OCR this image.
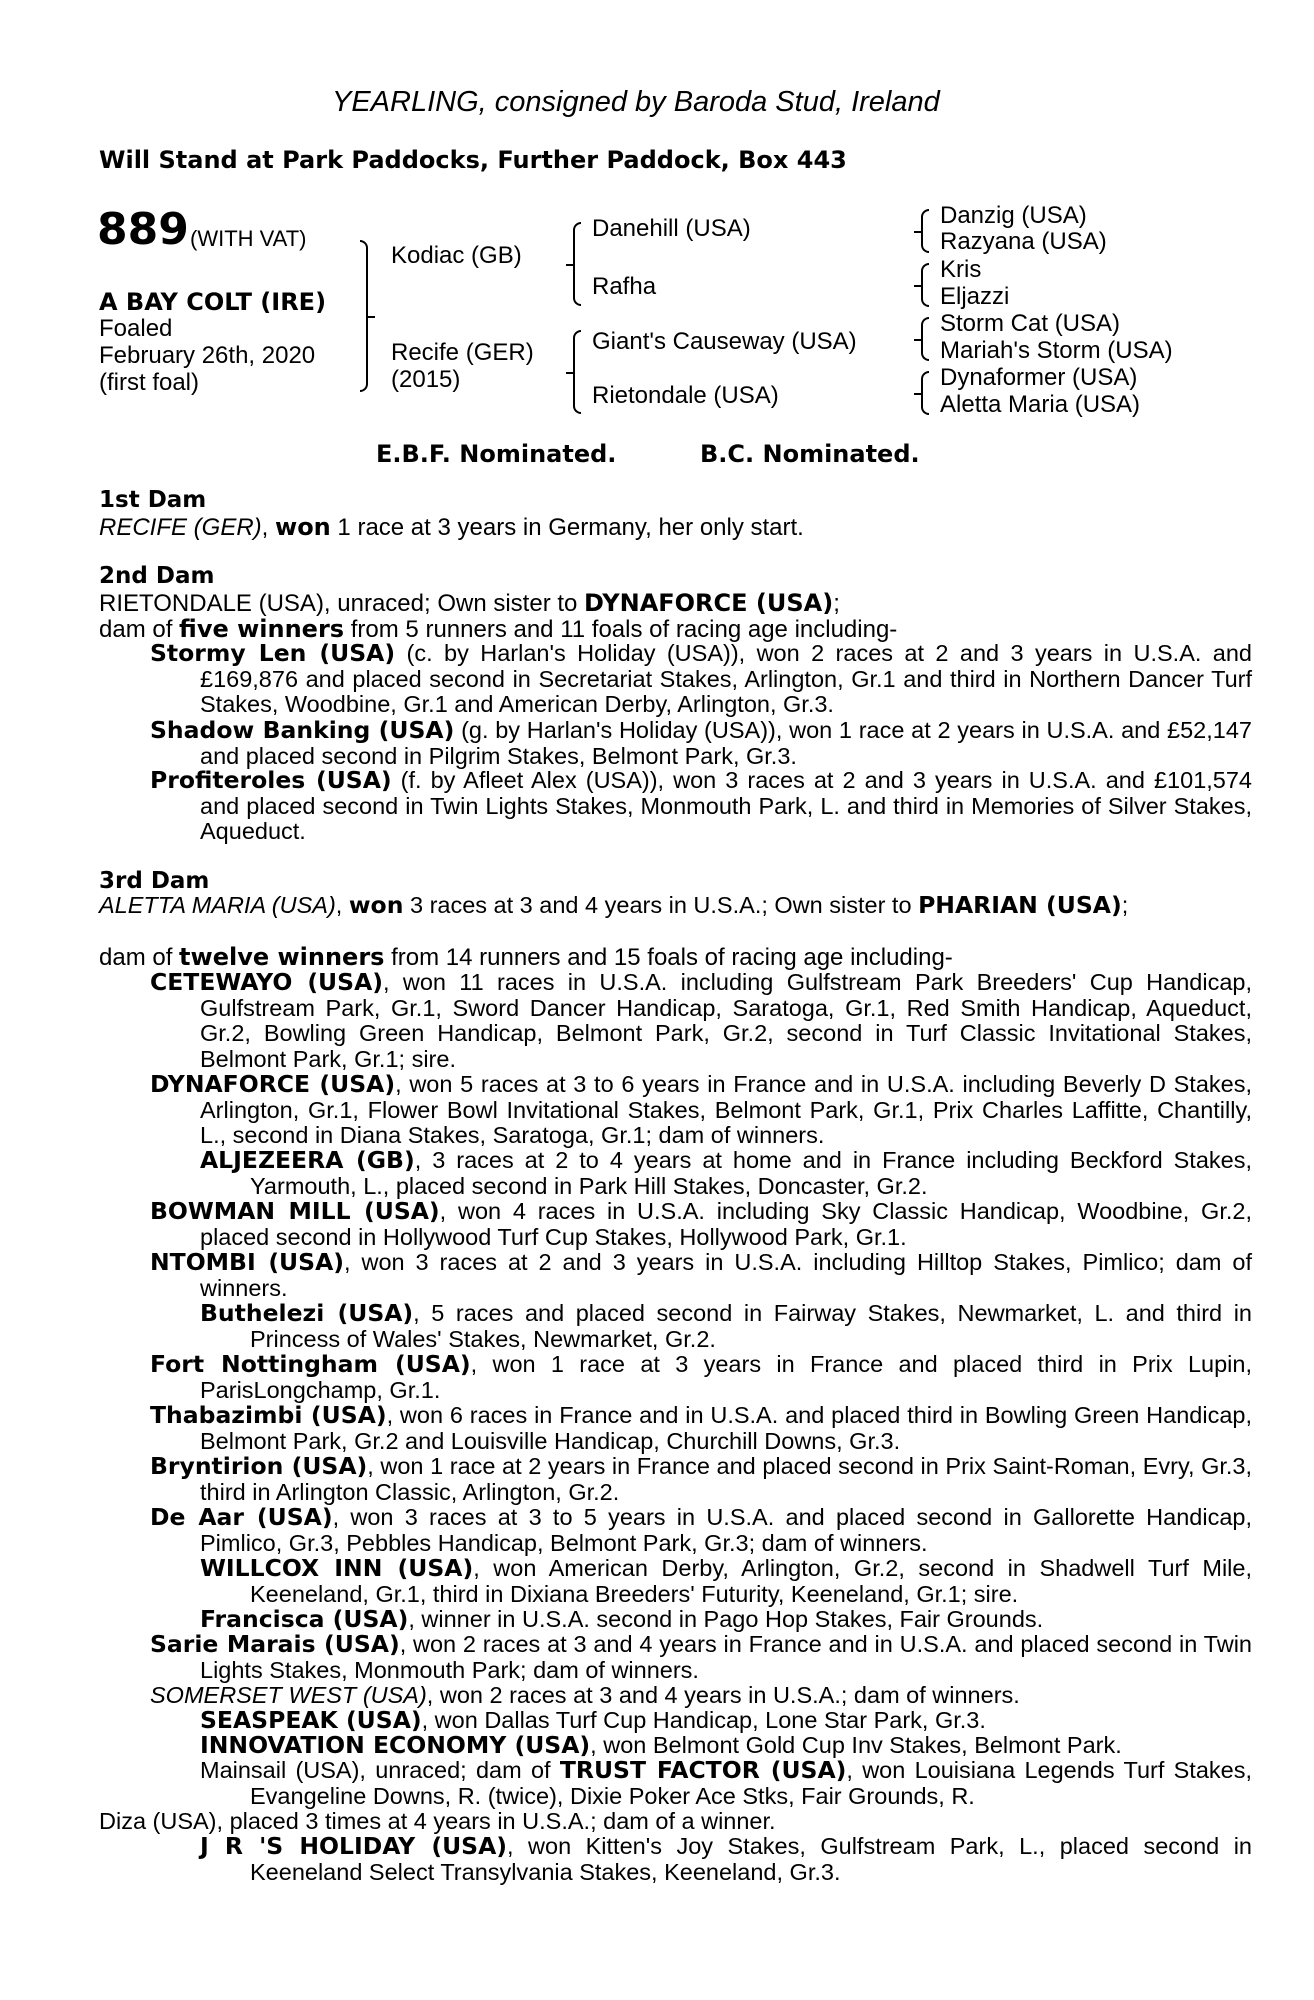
YEARLING, consigned by Baroda Stud, Ireland
Will Stand at Park Paddocks, Further Paddock, Box 443
889 (WITH VAT)
A BAY COLT (IRE)
Foaled
February 26th, 2020
(first foal)
Kodiac (GB)
Recife (GER)
(2015)
Danehill (USA)
Rafha
Giant's Causeway (USA)
Rietondale (USA)
Danzig (USA)
Razyana (USA)
Kris
Eljazzi
Storm Cat (USA)
Mariah's Storm (USA)
Dynaformer (USA)
Aletta Maria (USA)
E.B.F. Nominated.	B.C. Nominated.
1st Dam
RECIFE (GER), won 1 race at 3 years in Germany, her only start.
2nd Dam
RIETONDALE (USA), unraced; Own sister to DYNAFORCE (USA);
dam of five winners from 5 runners and 11 foals of racing age including-
Stormy Len (USA) (c. by Harlan's Holiday (USA)), won 2 races at 2 and 3 years in U.S.A. and £169,876 and placed second in Secretariat Stakes, Arlington, Gr.1 and third in Northern Dancer Turf Stakes, Woodbine, Gr.1 and American Derby, Arlington, Gr.3.
Shadow Banking (USA) (g. by Harlan's Holiday (USA)), won 1 race at 2 years in U.S.A. and £52,147 and placed second in Pilgrim Stakes, Belmont Park, Gr.3.
Profiteroles (USA) (f. by Afleet Alex (USA)), won 3 races at 2 and 3 years in U.S.A. and £101,574 and placed second in Twin Lights Stakes, Monmouth Park, L. and third in Memories of Silver Stakes, Aqueduct.
3rd Dam
ALETTA MARIA (USA), won 3 races at 3 and 4 years in U.S.A.; Own sister to PHARIAN (USA);
dam of twelve winners from 14 runners and 15 foals of racing age including-
CETEWAYO (USA), won 11 races in U.S.A. including Gulfstream Park Breeders' Cup Handicap, Gulfstream Park, Gr.1, Sword Dancer Handicap, Saratoga, Gr.1, Red Smith Handicap, Aqueduct, Gr.2, Bowling Green Handicap, Belmont Park, Gr.2, second in Turf Classic Invitational Stakes, Belmont Park, Gr.1; sire.
DYNAFORCE (USA), won 5 races at 3 to 6 years in France and in U.S.A. including Beverly D Stakes, Arlington, Gr.1, Flower Bowl Invitational Stakes, Belmont Park, Gr.1, Prix Charles Laffitte, Chantilly, L., second in Diana Stakes, Saratoga, Gr.1; dam of winners.
ALJEZEERA (GB), 3 races at 2 to 4 years at home and in France including Beckford Stakes, Yarmouth, L., placed second in Park Hill Stakes, Doncaster, Gr.2.
BOWMAN MILL (USA), won 4 races in U.S.A. including Sky Classic Handicap, Woodbine, Gr.2, placed second in Hollywood Turf Cup Stakes, Hollywood Park, Gr.1.
NTOMBI (USA), won 3 races at 2 and 3 years in U.S.A. including Hilltop Stakes, Pimlico; dam of winners.
Buthelezi (USA), 5 races and placed second in Fairway Stakes, Newmarket, L. and third in Princess of Wales' Stakes, Newmarket, Gr.2.
Fort Nottingham (USA), won 1 race at 3 years in France and placed third in Prix Lupin, ParisLongchamp, Gr.1.
Thabazimbi (USA), won 6 races in France and in U.S.A. and placed third in Bowling Green Handicap, Belmont Park, Gr.2 and Louisville Handicap, Churchill Downs, Gr.3.
Bryntirion (USA), won 1 race at 2 years in France and placed second in Prix Saint-Roman, Evry, Gr.3, third in Arlington Classic, Arlington, Gr.2.
De Aar (USA), won 3 races at 3 to 5 years in U.S.A. and placed second in Gallorette Handicap, Pimlico, Gr.3, Pebbles Handicap, Belmont Park, Gr.3; dam of winners.
WILLCOX INN (USA), won American Derby, Arlington, Gr.2, second in Shadwell Turf Mile, Keeneland, Gr.1, third in Dixiana Breeders' Futurity, Keeneland, Gr.1; sire.
Francisca (USA), winner in U.S.A. second in Pago Hop Stakes, Fair Grounds.
Sarie Marais (USA), won 2 races at 3 and 4 years in France and in U.S.A. and placed second in Twin Lights Stakes, Monmouth Park; dam of winners.
SOMERSET WEST (USA), won 2 races at 3 and 4 years in U.S.A.; dam of winners.
SEASPEAK (USA), won Dallas Turf Cup Handicap, Lone Star Park, Gr.3.
INNOVATION ECONOMY (USA), won Belmont Gold Cup Inv Stakes, Belmont Park.
Mainsail (USA), unraced; dam of TRUST FACTOR (USA), won Louisiana Legends Turf Stakes, Evangeline Downs, R. (twice), Dixie Poker Ace Stks, Fair Grounds, R.
Diza (USA), placed 3 times at 4 years in U.S.A.; dam of a winner.
J R 'S HOLIDAY (USA), won Kitten's Joy Stakes, Gulfstream Park, L., placed second in Keeneland Select Transylvania Stakes, Keeneland, Gr.3.
